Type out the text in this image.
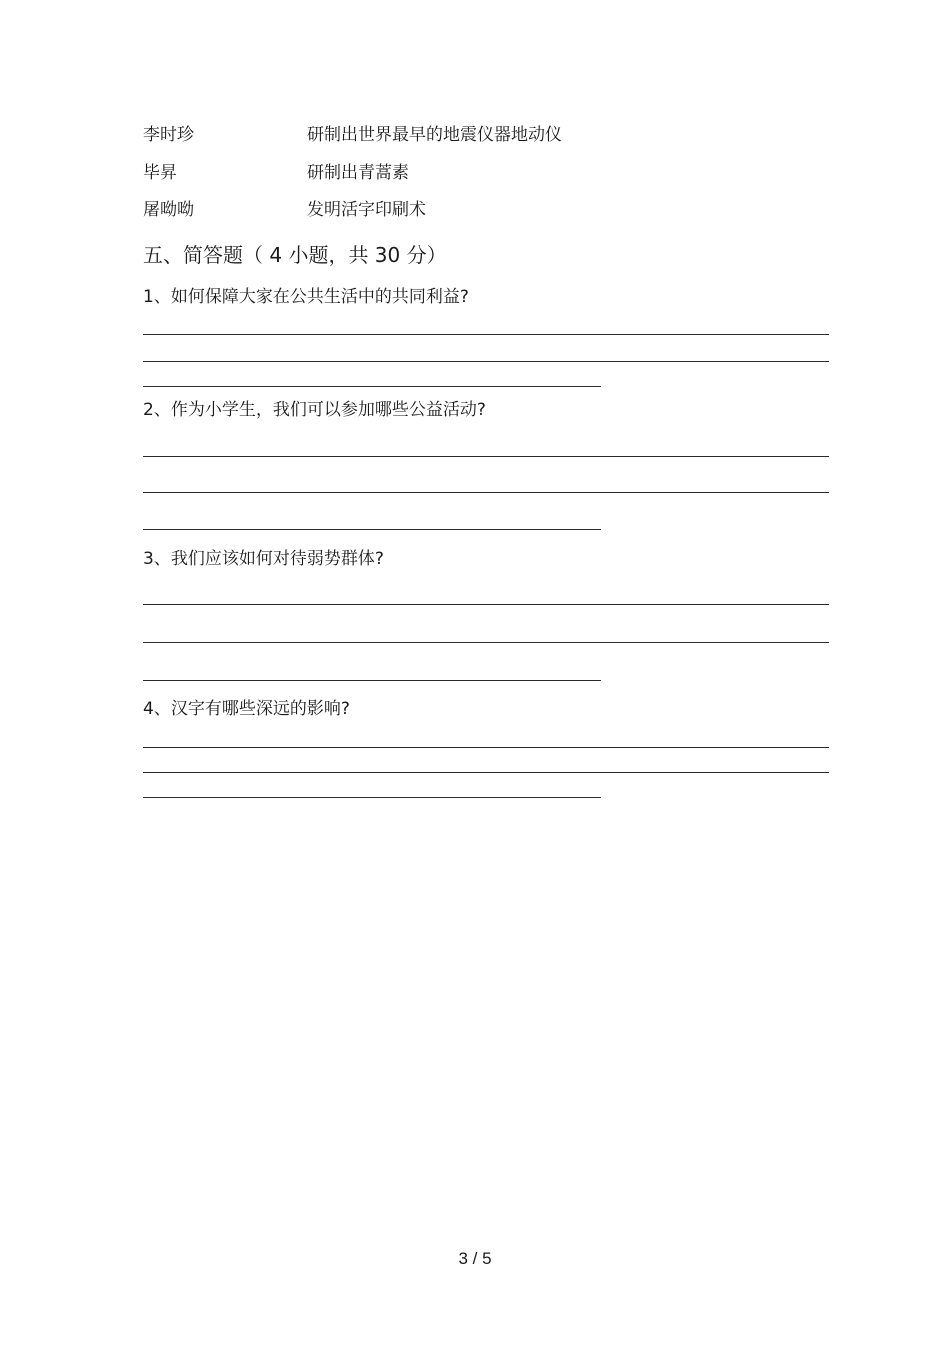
李时珍	研制出世界最早的地震仪器地动仪
毕昇	研制出青蒿素
屠呦呦	发明活字印刷术
五、简答题（ 4 小题，共 30 分）
1、如何保障大家在公共生活中的共同利益?
2、作为小学生，我们可以参加哪些公益活动?
3、我们应该如何对待弱势群体?
4、汉字有哪些深远的影响?
3 / 5
